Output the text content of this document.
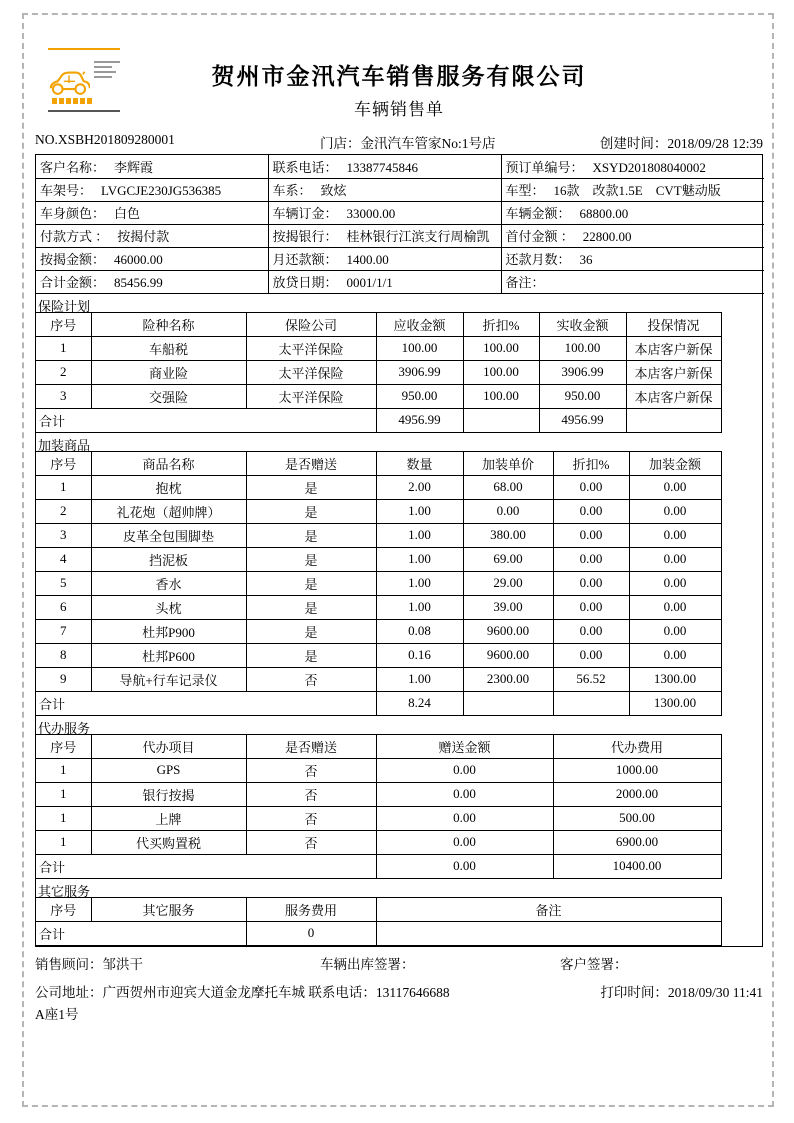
贺州市金汛汽车销售服务有限公司
车辆销售单
NO.XSBH201809280001	门店：金汛汽车管家No:1号店	创建时间：2018/09/28 12:39
客户名称： 李辉霞	联系电话： 13387745846	预订单编号： XSYD201808040002
车架号： LVGCJE230JG536385	车系： 致炫	车型： 16款　改款1.5E　CVT魅动版
车身颜色： 白色	车辆订金： 33000.00	车辆金额： 68800.00
付款方式 ： 按揭付款	按揭银行： 桂林银行江滨支行周榆凯	首付金额 ： 22800.00
按揭金额： 46000.00	月还款额： 1400.00	还款月数： 36
合计金额： 85456.99	放贷日期： 0001/1/1	备注：
保险计划
序号	险种名称	保险公司	应收金额	折扣%	实收金额	投保情况
1	车船税	太平洋保险	100.00	100.00	100.00	本店客户新保
2	商业险	太平洋保险	3906.99	100.00	3906.99	本店客户新保
3	交强险	太平洋保险	950.00	100.00	950.00	本店客户新保
合计			4956.99		4956.99	
加装商品
序号	商品名称	是否赠送	数量	加装单价	折扣%	加装金额
1	抱枕	是	2.00	68.00	0.00	0.00
2	礼花炮（超帅牌）	是	1.00	0.00	0.00	0.00
3	皮革全包围脚垫	是	1.00	380.00	0.00	0.00
4	挡泥板	是	1.00	69.00	0.00	0.00
5	香水	是	1.00	29.00	0.00	0.00
6	头枕	是	1.00	39.00	0.00	0.00
7	杜邦P900	是	0.08	9600.00	0.00	0.00
8	杜邦P600	是	0.16	9600.00	0.00	0.00
9	导航+行车记录仪	否	1.00	2300.00	56.52	1300.00
合计			8.24			1300.00
代办服务
序号	代办项目	是否赠送	赠送金额	代办费用
1	GPS	否	0.00	1000.00
1	银行按揭	否	0.00	2000.00
1	上牌	否	0.00	500.00
1	代买购置税	否	0.00	6900.00
合计			0.00	10400.00
其它服务
序号	其它服务	服务费用	备注
合计		0	
销售顾问：邹洪干	车辆出库签署：	客户签署：
公司地址：广西贺州市迎宾大道金龙摩托车城 联系电话：13117646688	打印时间：2018/09/30 11:41
A座1号
